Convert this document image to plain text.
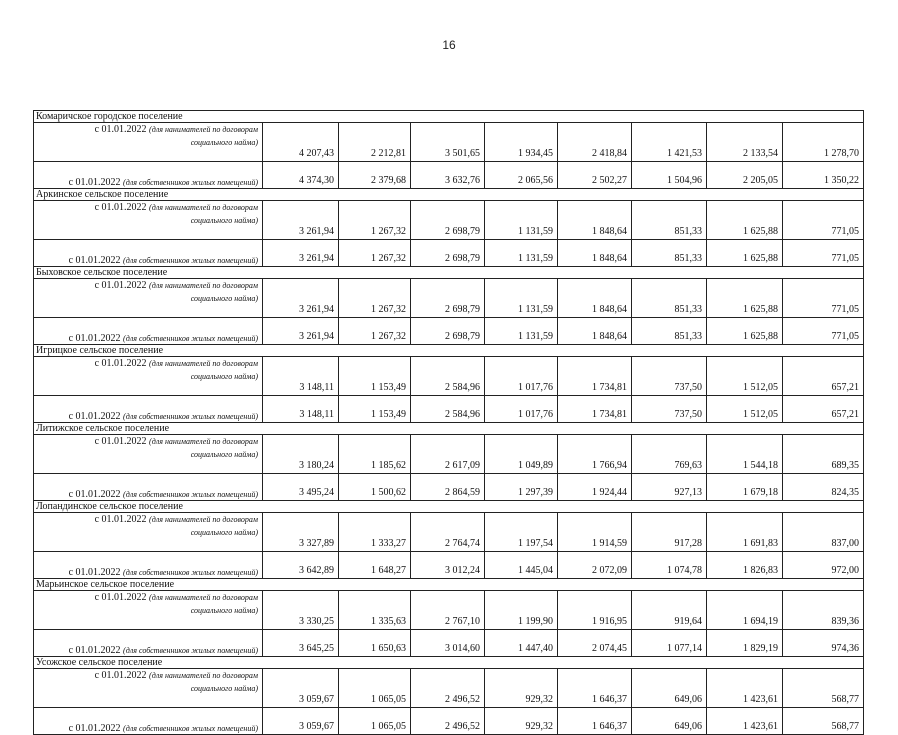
16
Комаричское городское поселение								
с 01.01.2022 (для нанимателей по договорам
социального найма)	4 207,43	2 212,81	3 501,65	1 934,45	2 418,84	1 421,53	2 133,54	1 278,70
с 01.01.2022 (для собственников жилых помещений)	4 374,30	2 379,68	3 632,76	2 065,56	2 502,27	1 504,96	2 205,05	1 350,22
Аркинское сельское поселение								
с 01.01.2022 (для нанимателей по договорам
социального найма)	3 261,94	1 267,32	2 698,79	1 131,59	1 848,64	851,33	1 625,88	771,05
с 01.01.2022 (для собственников жилых помещений)	3 261,94	1 267,32	2 698,79	1 131,59	1 848,64	851,33	1 625,88	771,05
Быховское сельское поселение								
с 01.01.2022 (для нанимателей по договорам
социального найма)	3 261,94	1 267,32	2 698,79	1 131,59	1 848,64	851,33	1 625,88	771,05
с 01.01.2022 (для собственников жилых помещений)	3 261,94	1 267,32	2 698,79	1 131,59	1 848,64	851,33	1 625,88	771,05
Игрицкое сельское поселение								
с 01.01.2022 (для нанимателей по договорам
социального найма)	3 148,11	1 153,49	2 584,96	1 017,76	1 734,81	737,50	1 512,05	657,21
с 01.01.2022 (для собственников жилых помещений)	3 148,11	1 153,49	2 584,96	1 017,76	1 734,81	737,50	1 512,05	657,21
Литижское сельское поселение								
с 01.01.2022 (для нанимателей по договорам
социального найма)	3 180,24	1 185,62	2 617,09	1 049,89	1 766,94	769,63	1 544,18	689,35
с 01.01.2022 (для собственников жилых помещений)	3 495,24	1 500,62	2 864,59	1 297,39	1 924,44	927,13	1 679,18	824,35
Лопандинское сельское поселение								
с 01.01.2022 (для нанимателей по договорам
социального найма)	3 327,89	1 333,27	2 764,74	1 197,54	1 914,59	917,28	1 691,83	837,00
с 01.01.2022 (для собственников жилых помещений)	3 642,89	1 648,27	3 012,24	1 445,04	2 072,09	1 074,78	1 826,83	972,00
Марьинское сельское поселение								
с 01.01.2022 (для нанимателей по договорам
социального найма)	3 330,25	1 335,63	2 767,10	1 199,90	1 916,95	919,64	1 694,19	839,36
с 01.01.2022 (для собственников жилых помещений)	3 645,25	1 650,63	3 014,60	1 447,40	2 074,45	1 077,14	1 829,19	974,36
Усожское сельское поселение								
с 01.01.2022 (для нанимателей по договорам
социального найма)	3 059,67	1 065,05	2 496,52	929,32	1 646,37	649,06	1 423,61	568,77
с 01.01.2022 (для собственников жилых помещений)	3 059,67	1 065,05	2 496,52	929,32	1 646,37	649,06	1 423,61	568,77
